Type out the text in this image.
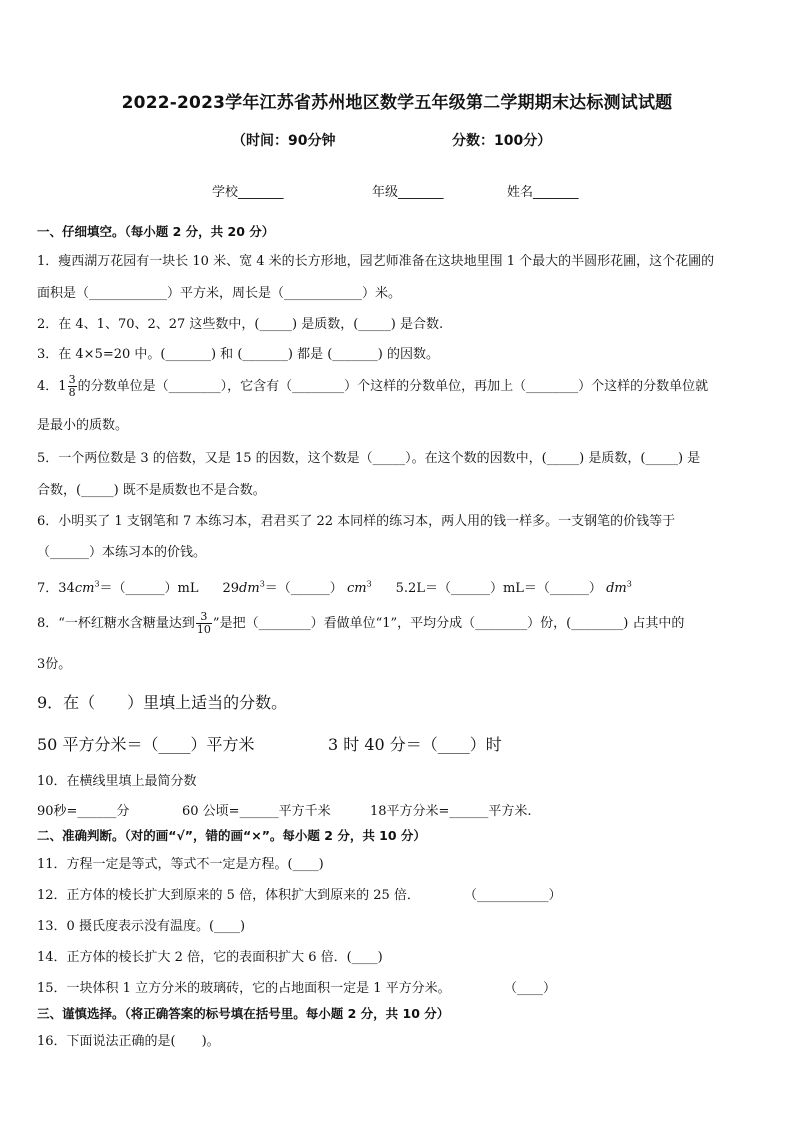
2022-2023学年江苏省苏州地区数学五年级第二学期期末达标测试试题
（时间：90分钟	分数：100分）
学校_______	年级_______	姓名_______
一、仔细填空。（每小题 2 分，共 20 分）
1．瘦西湖万花园有一块长 10 米、宽 4 米的长方形地，园艺师准备在这块地里围 1 个最大的半圆形花圃，这个花圃的
面积是（____________）平方米，周长是（____________）米。
2．在 4、1、70、2、27 这些数中，(_____) 是质数，(_____) 是合数.
3．在 4×5=20 中。(_______) 和 (_______) 都是 (_______) 的因数。
4．$1 \frac{3}{8}$ 的分数单位是（________），它含有（________）个这样的分数单位，再加上（________）个这样的分数单位就
是最小的质数。
5．一个两位数是 3 的倍数，又是 15 的因数，这个数是（_____）。在这个数的因数中，(_____) 是质数，(_____) 是
合数，(_____) 既不是质数也不是合数。
6．小明买了 1 支钢笔和 7 本练习本，君君买了 22 本同样的练习本，两人用的钱一样多。一支钢笔的价钱等于
（______）本练习本的价钱。
7．$34cm^3=(\_\_\_\_\_\_)mL$ $29dm^3=(\_\_\_\_\_\_)$ $cm^3$ 5.2L＝（______）mL＝（______） $dm^3$
8．“一杯红糖水含糖量达到 $\frac{3}{10}$ ”是把（________）看做单位“1”，平均分成（________）份，(________) 占其中的
3份。
9．在（　　）里填上适当的分数。
50 平方分米＝（____）平方米	3 时 40 分＝（____）时
10．在横线里填上最简分数
90秒=______分	60 公顷=______平方千米	18平方分米=______平方米.
二、准确判断。（对的画“√”，错的画“×”。每小题 2 分，共 10 分）
11．方程一定是等式，等式不一定是方程。(____)
12．正方体的棱长扩大到原来的 5 倍，体积扩大到原来的 25 倍．	（___________）
13．0 摄氏度表示没有温度。(____)
14．正方体的棱长扩大 2 倍，它的表面积扩大 6 倍．(____)
15．一块体积 1 立方分米的玻璃砖，它的占地面积一定是 1 平方分米。	（____）
三、谨慎选择。（将正确答案的标号填在括号里。每小题 2 分，共 10 分）
16．下面说法正确的是(　　)。
